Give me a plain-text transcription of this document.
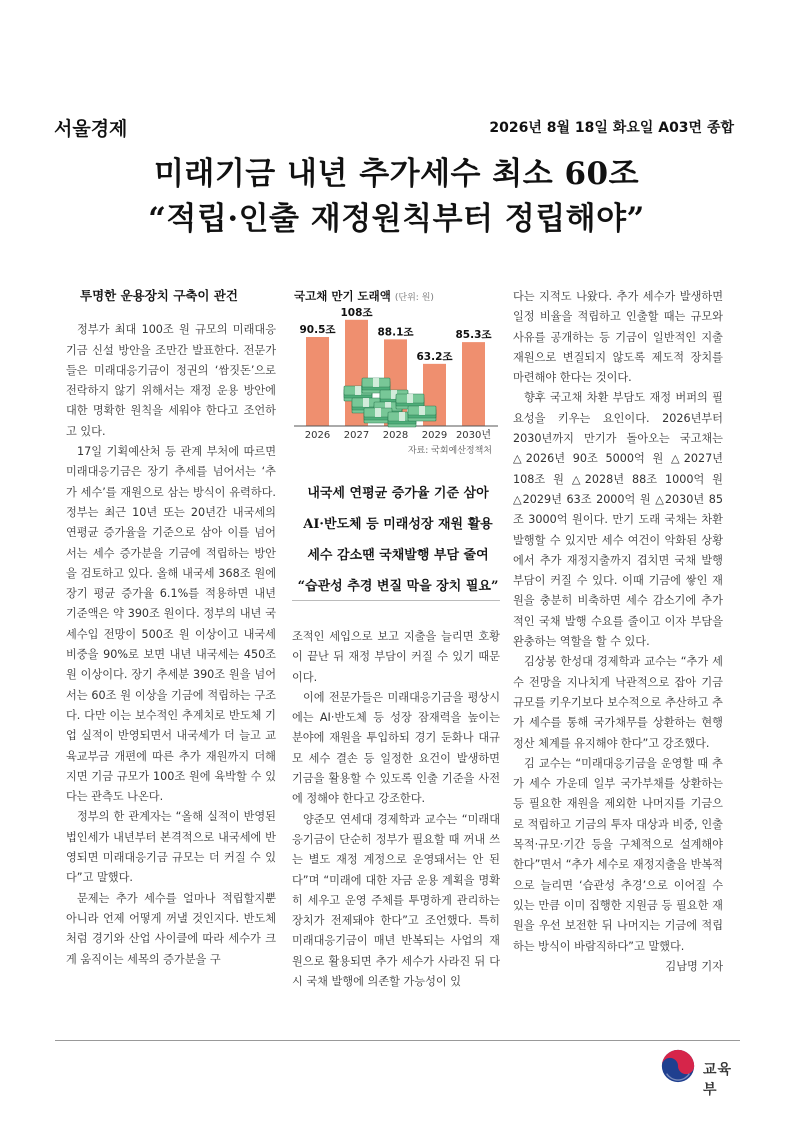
서울경제	2026년 8월 18일 화요일 A03면 종합
미래기금 내년 추가세수 최소 60조
“적립·인출 재정원칙부터 정립해야”
투명한 운용장치 구축이 관건

정부가 최대 100조 원 규모의 미래대응기금 신설 방안을 조만간 발표한다. 전문가들은 미래대응기금이 정권의 ‘쌈짓돈’으로 전락하지 않기 위해서는 재정 운용 방안에 대한 명확한 원칙을 세워야 한다고 조언하고 있다.

17일 기획예산처 등 관계 부처에 따르면 미래대응기금은 장기 추세를 넘어서는 ‘추가 세수’를 재원으로 삼는 방식이 유력하다. 정부는 최근 10년 또는 20년간 내국세의 연평균 증가율을 기준으로 삼아 이를 넘어서는 세수 증가분을 기금에 적립하는 방안을 검토하고 있다. 올해 내국세 368조 원에 장기 평균 증가율 6.1%를 적용하면 내년 기준액은 약 390조 원이다. 정부의 내년 국세수입 전망이 500조 원 이상이고 내국세 비중을 90%로 보면 내년 내국세는 450조 원 이상이다. 장기 추세분 390조 원을 넘어서는 60조 원 이상을 기금에 적립하는 구조다. 다만 이는 보수적인 추계치로 반도체 기업 실적이 반영되면서 내국세가 더 늘고 교육교부금 개편에 따른 추가 재원까지 더해지면 기금 규모가 100조 원에 육박할 수 있다는 관측도 나온다.

정부의 한 관계자는 “올해 실적이 반영된 법인세가 내년부터 본격적으로 내국세에 반영되면 미래대응기금 규모는 더 커질 수 있다”고 말했다.

문제는 추가 세수를 얼마나 적립할지뿐 아니라 언제 어떻게 꺼낼 것인지다. 반도체처럼 경기와 산업 사이클에 따라 세수가 크게 움직이는 세목의 증가분을 구

국고채 만기 도래액 (단위: 원)
90.5조
2026
108조
2027
88.1조
2028
63.2조
2029
85.3조
2030년
자료: 국회예산정책처
내국세 연평균 증가율 기준 삼아
AI·반도체 등 미래성장 재원 활용
세수 감소땐 국채발행 부담 줄여
“습관성 추경 변질 막을 장치 필요”

조적인 세입으로 보고 지출을 늘리면 호황이 끝난 뒤 재정 부담이 커질 수 있기 때문이다.

이에 전문가들은 미래대응기금을 평상시에는 AI·반도체 등 성장 잠재력을 높이는 분야에 재원을 투입하되 경기 둔화나 대규모 세수 결손 등 일정한 요건이 발생하면 기금을 활용할 수 있도록 인출 기준을 사전에 정해야 한다고 강조한다.

양준모 연세대 경제학과 교수는 “미래대응기금이 단순히 정부가 필요할 때 꺼내 쓰는 별도 재정 계정으로 운영돼서는 안 된다”며 “미래에 대한 자금 운용 계획을 명확히 세우고 운영 주체를 투명하게 관리하는 장치가 전제돼야 한다”고 조언했다. 특히 미래대응기금이 매년 반복되는 사업의 재원으로 활용되면 추가 세수가 사라진 뒤 다시 국채 발행에 의존할 가능성이 있

다는 지적도 나왔다. 추가 세수가 발생하면 일정 비율을 적립하고 인출할 때는 규모와 사유를 공개하는 등 기금이 일반적인 지출 재원으로 변질되지 않도록 제도적 장치를 마련해야 한다는 것이다.

향후 국고채 차환 부담도 재정 버퍼의 필요성을 키우는 요인이다. 2026년부터 2030년까지 만기가 돌아오는 국고채는 △2026년 90조 5000억 원 △2027년 108조 원 △2028년 88조 1000억 원 △2029년 63조 2000억 원 △2030년 85조 3000억 원이다. 만기 도래 국채는 차환 발행할 수 있지만 세수 여건이 악화된 상황에서 추가 재정지출까지 겹치면 국채 발행 부담이 커질 수 있다. 이때 기금에 쌓인 재원을 충분히 비축하면 세수 감소기에 추가적인 국채 발행 수요를 줄이고 이자 부담을 완충하는 역할을 할 수 있다.

김상봉 한성대 경제학과 교수는 “추가 세수 전망을 지나치게 낙관적으로 잡아 기금 규모를 키우기보다 보수적으로 추산하고 추가 세수를 통해 국가채무를 상환하는 현행 정산 체계를 유지해야 한다”고 강조했다.

김 교수는 “미래대응기금을 운영할 때 추가 세수 가운데 일부 국가부채를 상환하는 등 필요한 재원을 제외한 나머지를 기금으로 적립하고 기금의 투자 대상과 비중, 인출 목적·규모·기간 등을 구체적으로 설계해야 한다”면서 “추가 세수로 재정지출을 반복적으로 늘리면 ‘습관성 추경’으로 이어질 수 있는 만큼 이미 집행한 지원금 등 필요한 재원을 우선 보전한 뒤 나머지는 기금에 적립하는 방식이 바람직하다”고 말했다.

김남명 기자
교육부
